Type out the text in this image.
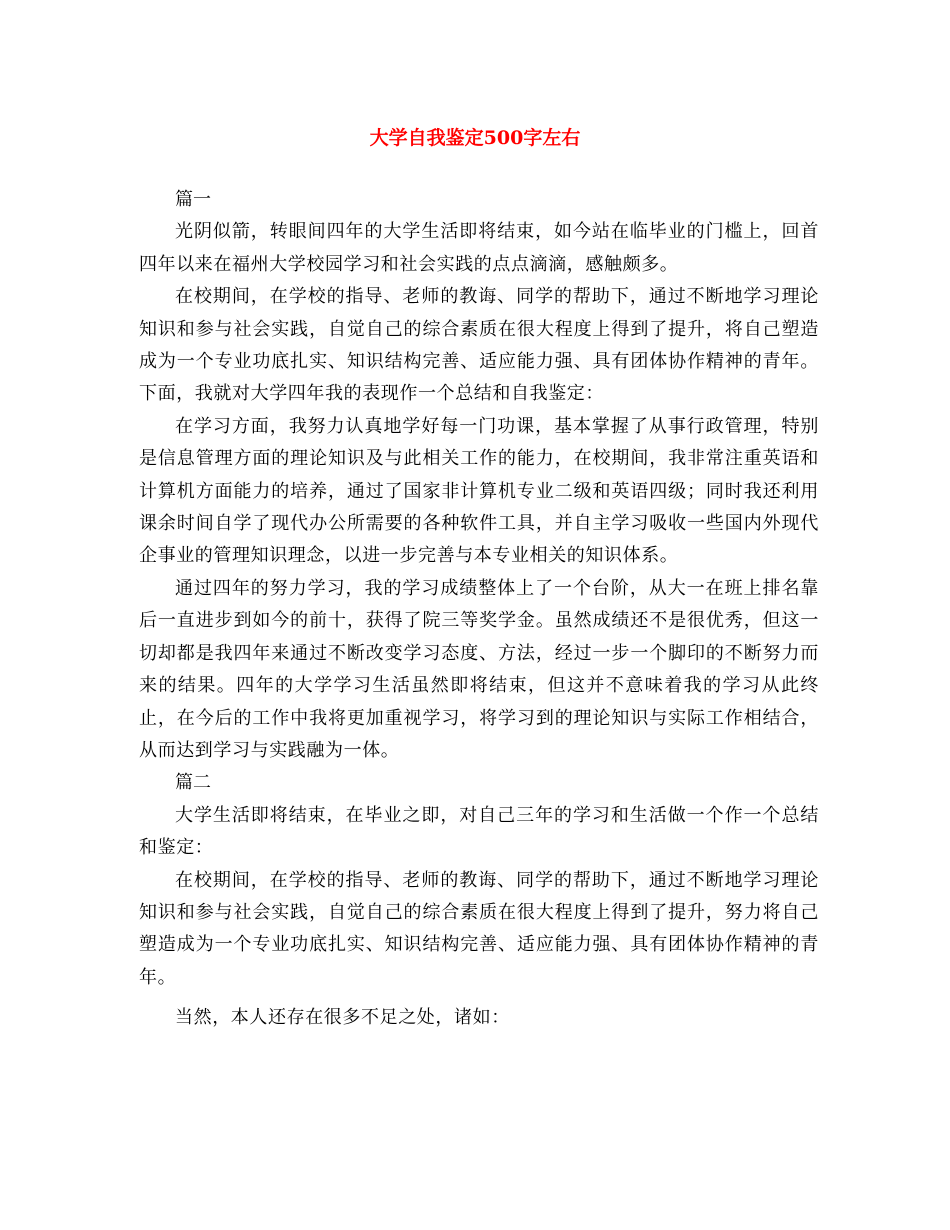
大学自我鉴定500字左右

篇一

光阴似箭，转眼间四年的大学生活即将结束，如今站在临毕业的门槛上，回首四年以来在福州大学校园学习和社会实践的点点滴滴，感触颇多。

在校期间，在学校的指导、老师的教诲、同学的帮助下，通过不断地学习理论知识和参与社会实践，自觉自己的综合素质在很大程度上得到了提升，将自己塑造成为一个专业功底扎实、知识结构完善、适应能力强、具有团体协作精神的青年。下面，我就对大学四年我的表现作一个总结和自我鉴定：

在学习方面，我努力认真地学好每一门功课，基本掌握了从事行政管理，特别是信息管理方面的理论知识及与此相关工作的能力，在校期间，我非常注重英语和计算机方面能力的培养，通过了国家非计算机专业二级和英语四级；同时我还利用课余时间自学了现代办公所需要的各种软件工具，并自主学习吸收一些国内外现代企事业的管理知识理念，以进一步完善与本专业相关的知识体系。

通过四年的努力学习，我的学习成绩整体上了一个台阶，从大一在班上排名靠后一直进步到如今的前十，获得了院三等奖学金。虽然成绩还不是很优秀，但这一切却都是我四年来通过不断改变学习态度、方法，经过一步一个脚印的不断努力而来的结果。四年的大学学习生活虽然即将结束，但这并不意味着我的学习从此终止，在今后的工作中我将更加重视学习，将学习到的理论知识与实际工作相结合，从而达到学习与实践融为一体。

篇二

大学生活即将结束，在毕业之即，对自己三年的学习和生活做一个作一个总结和鉴定：

在校期间，在学校的指导、老师的教诲、同学的帮助下，通过不断地学习理论知识和参与社会实践，自觉自己的综合素质在很大程度上得到了提升，努力将自己塑造成为一个专业功底扎实、知识结构完善、适应能力强、具有团体协作精神的青年。

当然，本人还存在很多不足之处，诸如：
